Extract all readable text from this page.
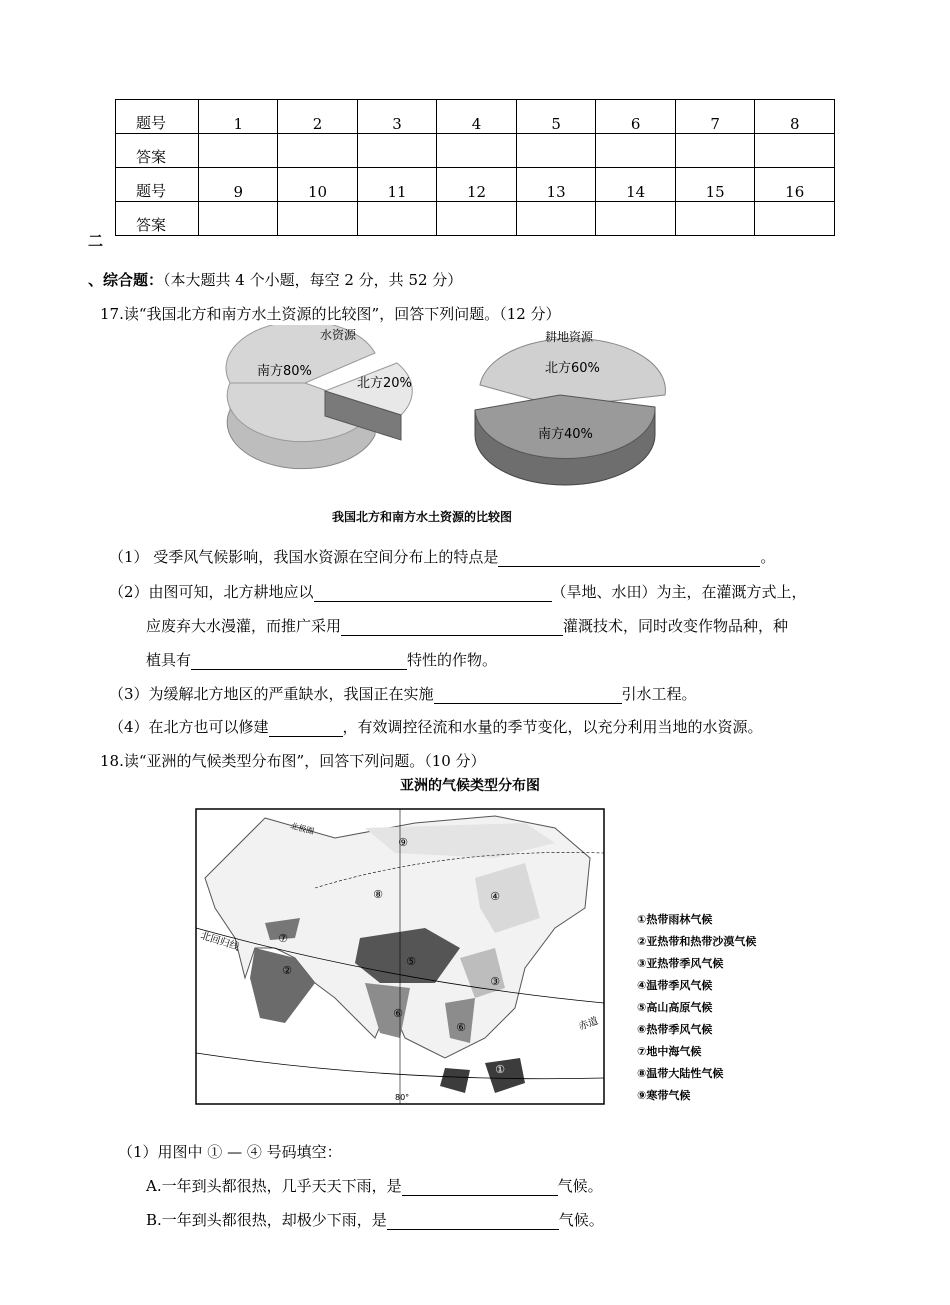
题号	1	2	3	4	5	6	7	8
答案								
题号	9	10	11	12	13	14	15	16
答案								
二
、综合题：（本大题共 4 个小题，每空 2 分，共 52 分）
17.读“我国北方和南方水土资源的比较图”，回答下列问题。（12 分）
水资源
南方80%
北方20%
耕地资源
北方60%
南方40%
我国北方和南方水土资源的比较图
（1） 受季风气候影响，我国水资源在空间分布上的特点是	。
（2）由图可知，北方耕地应以	（旱地、水田）为主，在灌溉方式上，
应废弃大水漫灌，而推广采用	灌溉技术，同时改变作物品种，种
植具有	特性的作物。
（3）为缓解北方地区的严重缺水，我国正在实施	引水工程。
（4）在北方也可以修建	，有效调控径流和水量的季节变化，以充分利用当地的水资源。
18.读“亚洲的气候类型分布图”，回答下列问题。（10 分）
亚洲的气候类型分布图
⑨
⑧	④
⑦
②
⑤
③
⑥
⑥
①
北回归线
赤道
北极圈
80°
①热带雨林气候
②亚热带和热带沙漠气候
③亚热带季风气候
④温带季风气候
⑤高山高原气候
⑥热带季风气候
⑦地中海气候
⑧温带大陆性气候
⑨寒带气候
（1）用图中 ① — ④ 号码填空：
A.一年到头都很热，几乎天天下雨，是	气候。
B.一年到头都很热，却极少下雨，是	气候。
